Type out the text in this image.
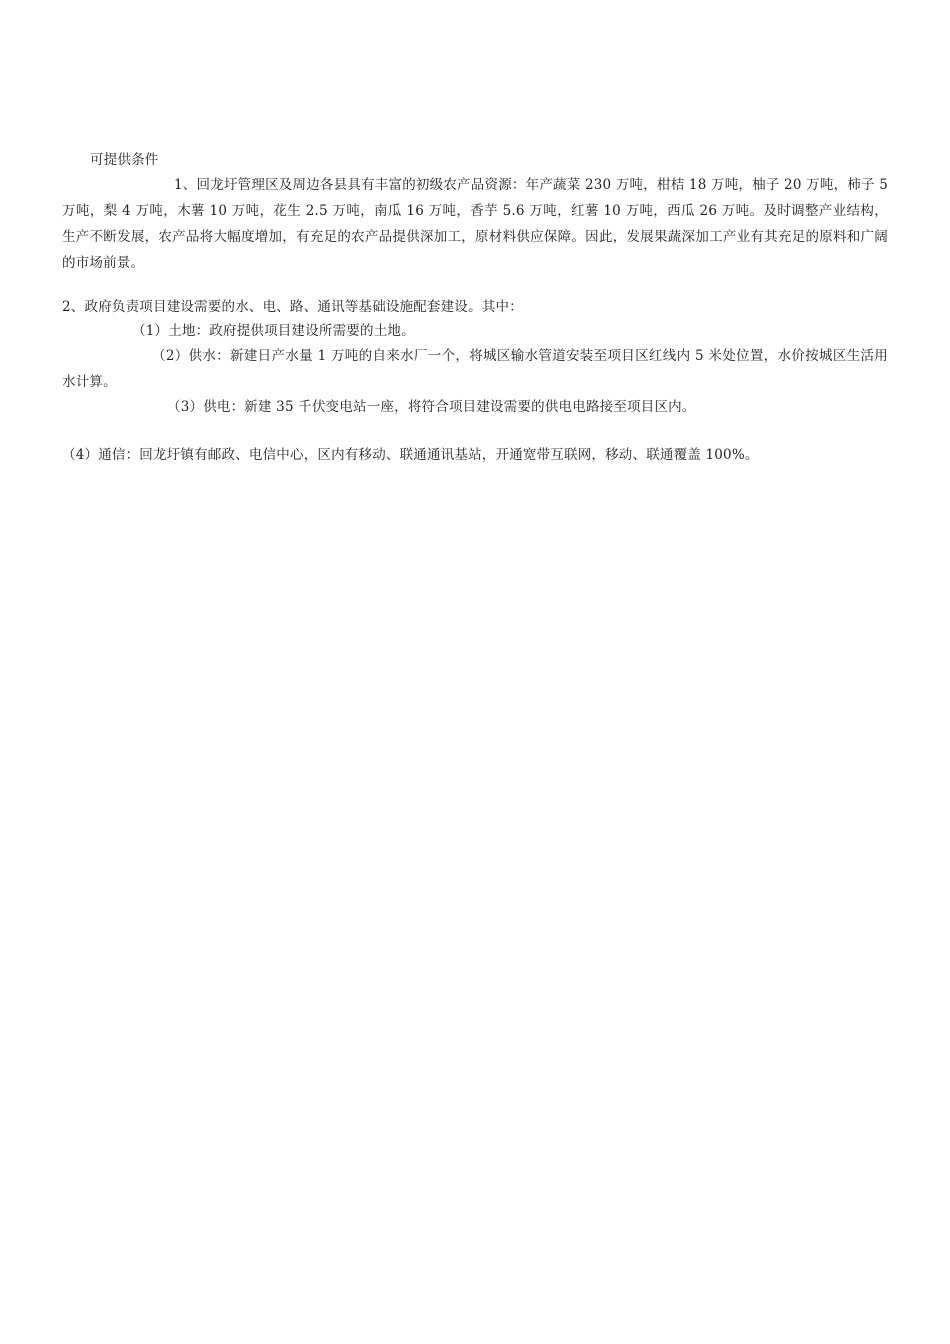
可提供条件
1、回龙圩管理区及周边各县具有丰富的初级农产品资源：年产蔬菜 230 万吨，柑桔 18 万吨，柚子 20 万吨，柿子 5 万吨，梨 4 万吨，木薯 10 万吨，花生 2.5 万吨，南瓜 16 万吨，香芋 5.6 万吨，红薯 10 万吨，西瓜 26 万吨。及时调整产业结构，生产不断发展，农产品将大幅度增加，有充足的农产品提供深加工，原材料供应保障。因此，发展果蔬深加工产业有其充足的原料和广阔的市场前景。
2、政府负责项目建设需要的水、电、路、通讯等基础设施配套建设。其中：
（1）土地：政府提供项目建设所需要的土地。
（2）供水：新建日产水量 1 万吨的自来水厂一个，将城区输水管道安装至项目区红线内 5 米处位置，水价按城区生活用水计算。
（3）供电：新建 35 千伏变电站一座，将符合项目建设需要的供电电路接至项目区内。
（4）通信：回龙圩镇有邮政、电信中心，区内有移动、联通通讯基站，开通宽带互联网，移动、联通覆盖 100%。
